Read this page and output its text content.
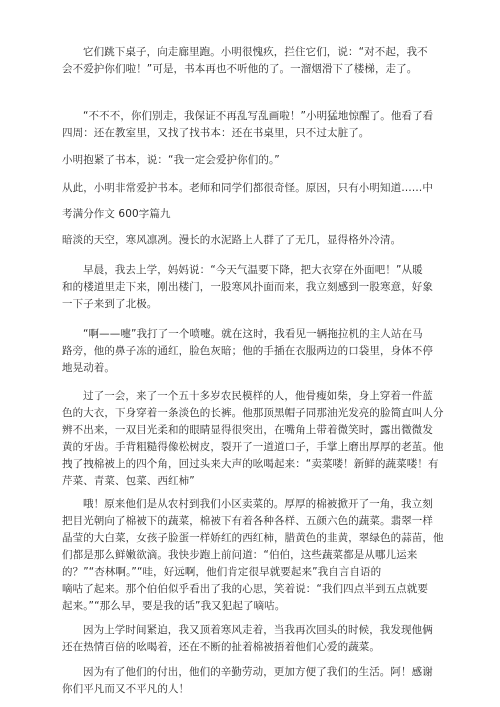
它们跳下桌子，向走廊里跑。小明很愧疚，拦住它们，说：“对不起，我不
会不爱护你们啦！”可是，书本再也不听他的了。一溜烟滑下了楼梯，走了。
“不不不，你们别走，我保证不再乱写乱画啦！”小明猛地惊醒了。他看了看
四周：还在教室里，又找了找书本：还在书桌里，只不过太脏了。
小明抱紧了书本，说：“我一定会爱护你们的。”
从此，小明非常爱护书本。老师和同学们都很奇怪。原因，只有小明知道……中
考满分作文 600字篇九
暗淡的天空，寒风凛冽。漫长的水泥路上人群了了无几，显得格外冷清。
早晨，我去上学，妈妈说：“今天气温要下降，把大衣穿在外面吧！”从暖
和的楼道里走下来，刚出楼门，一股寒风扑面而来，我立刻感到一股寒意，好象
一下子来到了北极。
“啊——嚏”我打了一个喷嚏。就在这时，我看见一辆拖拉机的主人站在马
路旁，他的鼻子冻的通红，脸色灰暗；他的手插在衣服两边的口袋里，身体不停
地晃动着。
过了一会，来了一个五十多岁农民模样的人，他骨瘦如柴，身上穿着一件蓝
色的大衣，下身穿着一条淡色的长裤。他那顶黑帽子同那油光发亮的脸简直叫人分
辨不出来，一双目光柔和的眼睛显得很突出，在嘴角上带着微笑时，露出微微发
黄的牙齿。手背粗糙得像松树皮，裂开了一道道口子，手掌上磨出厚厚的老茧。他
拽了拽棉被上的四个角，回过头来大声的吆喝起来：“卖菜喽！新鲜的蔬菜喽！有
芹菜、青菜、包菜、西红柿”
哦！原来他们是从农村到我们小区卖菜的。厚厚的棉被掀开了一角，我立刻
把目光朝向了棉被下的蔬菜，棉被下有着各种各样、五颜六色的蔬菜。翡翠一样
晶莹的大白菜，女孩子脸蛋一样娇红的西红柿，腊黄色的韭黄，翠绿色的蒜苗，他
们都是那么鲜嫩欲滴。我快步跑上前问道：“伯伯，这些蔬菜都是从哪儿运来
的？”“杏林啊。”“哇，好远啊，他们肯定很早就要起来”我自言自语的
嘀咕了起来。那个伯伯似乎看出了我的心思，笑着说：“我们四点半到五点就要
起来。”“那么早，要是我的话”我又犯起了嘀咕。
因为上学时间紧迫，我又顶着寒风走着，当我再次回头的时候，我发现他俩
还在热情百倍的吆喝着，还在不断的扯着棉被捂着他们心爱的蔬菜。
因为有了他们的付出，他们的辛勤劳动，更加方便了我们的生活。阿！感谢
你们平凡而又不平凡的人！
